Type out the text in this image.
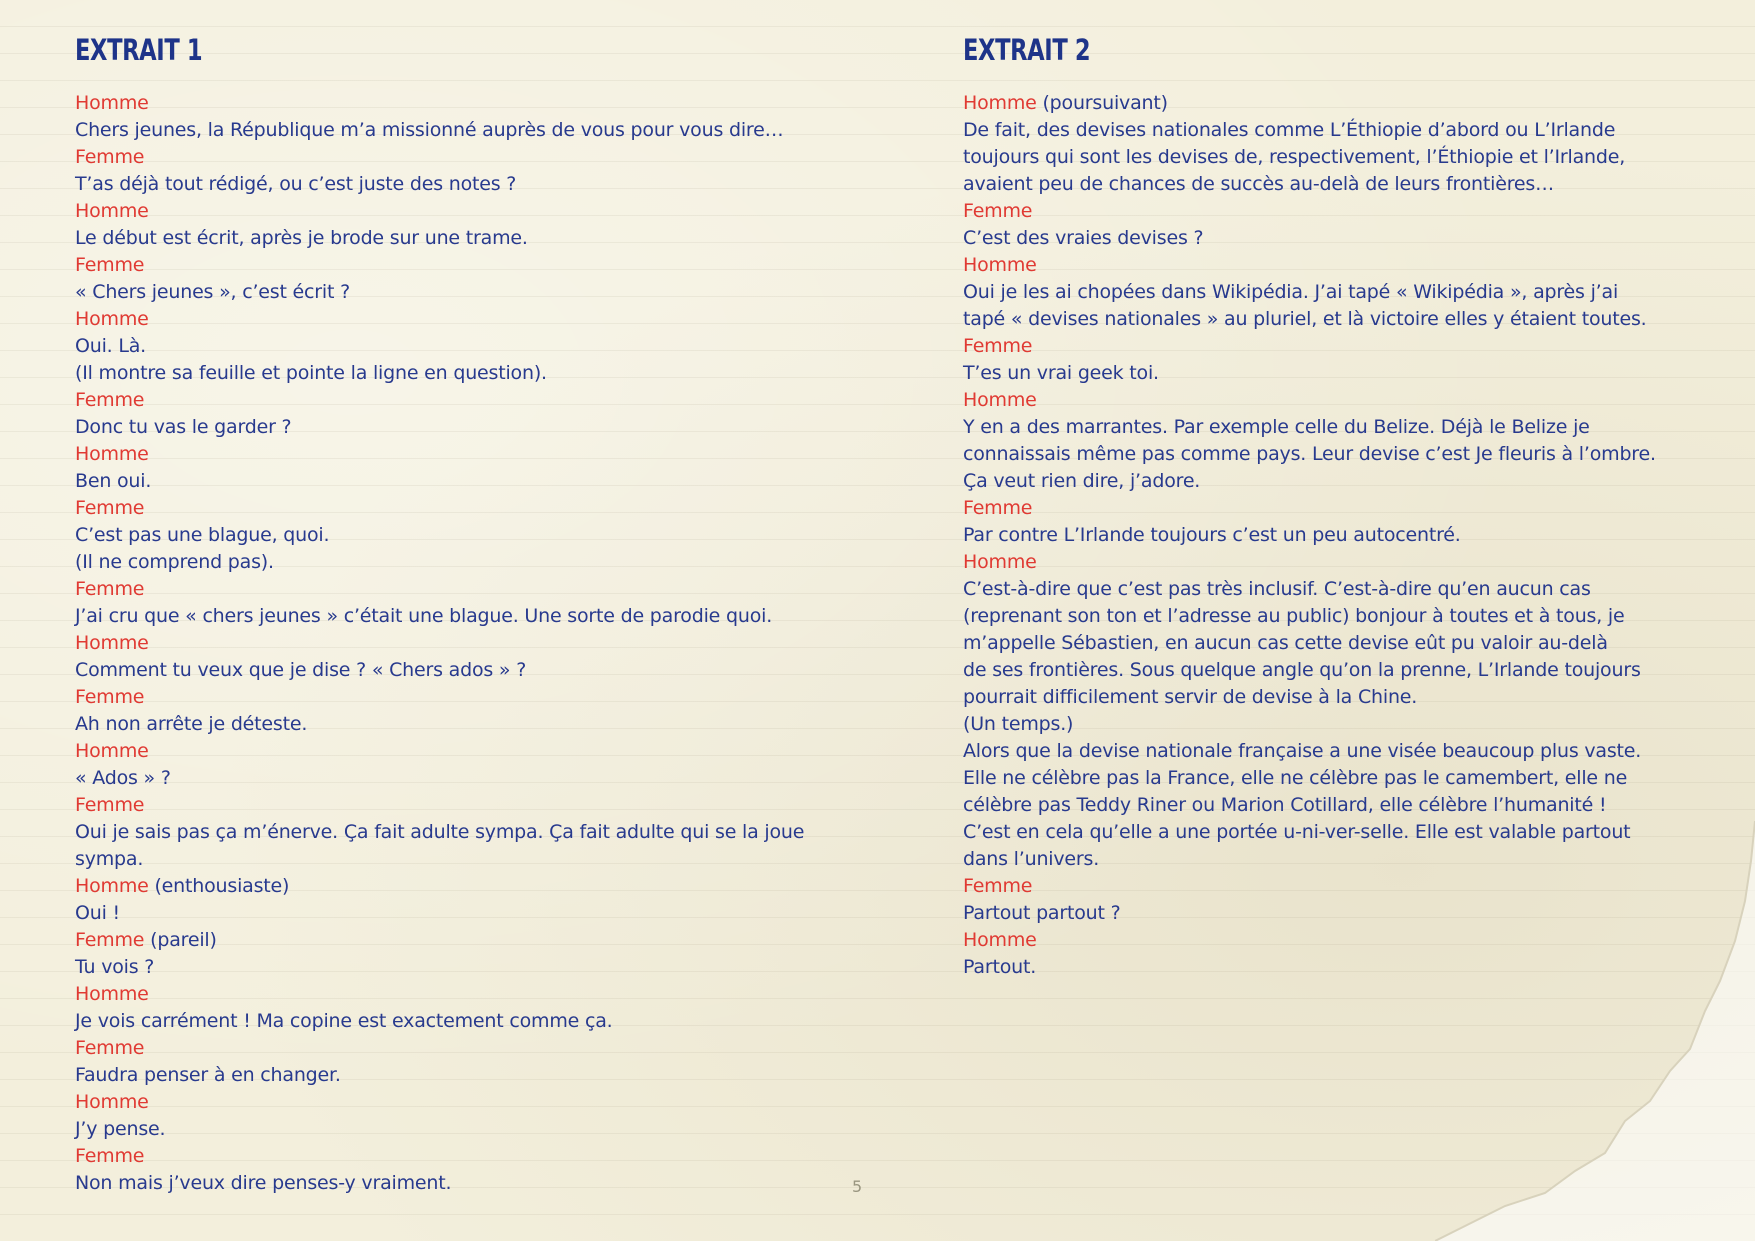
EXTRAIT 1
Homme
Chers jeunes, la République m’a missionné auprès de vous pour vous dire…
Femme
T’as déjà tout rédigé, ou c’est juste des notes ?
Homme
Le début est écrit, après je brode sur une trame.
Femme
« Chers jeunes », c’est écrit ?
Homme
Oui. Là.
(Il montre sa feuille et pointe la ligne en question).
Femme
Donc tu vas le garder ?
Homme
Ben oui.
Femme
C’est pas une blague, quoi.
(Il ne comprend pas).
Femme
J’ai cru que « chers jeunes » c’était une blague. Une sorte de parodie quoi.
Homme
Comment tu veux que je dise ? « Chers ados » ?
Femme
Ah non arrête je déteste.
Homme
« Ados » ?
Femme
Oui je sais pas ça m’énerve. Ça fait adulte sympa. Ça fait adulte qui se la joue
sympa.
Homme (enthousiaste)
Oui !
Femme (pareil)
Tu vois ?
Homme
Je vois carrément ! Ma copine est exactement comme ça.
Femme
Faudra penser à en changer.
Homme
J’y pense.
Femme
Non mais j’veux dire penses-y vraiment.
EXTRAIT 2
Homme (poursuivant)
De fait, des devises nationales comme L’Éthiopie d’abord ou L’Irlande
toujours qui sont les devises de, respectivement, l’Éthiopie et l’Irlande,
avaient peu de chances de succès au-delà de leurs frontières…
Femme
C’est des vraies devises ?
Homme
Oui je les ai chopées dans Wikipédia. J’ai tapé « Wikipédia », après j’ai
tapé « devises nationales » au pluriel, et là victoire elles y étaient toutes.
Femme
T’es un vrai geek toi.
Homme
Y en a des marrantes. Par exemple celle du Belize. Déjà le Belize je
connaissais même pas comme pays. Leur devise c’est Je fleuris à l’ombre.
Ça veut rien dire, j’adore.
Femme
Par contre L’Irlande toujours c’est un peu autocentré.
Homme
C’est-à-dire que c’est pas très inclusif. C’est-à-dire qu’en aucun cas
(reprenant son ton et l’adresse au public) bonjour à toutes et à tous, je
m’appelle Sébastien, en aucun cas cette devise eût pu valoir au-delà
de ses frontières. Sous quelque angle qu’on la prenne, L’Irlande toujours
pourrait difficilement servir de devise à la Chine.
(Un temps.)
Alors que la devise nationale française a une visée beaucoup plus vaste.
Elle ne célèbre pas la France, elle ne célèbre pas le camembert, elle ne
célèbre pas Teddy Riner ou Marion Cotillard, elle célèbre l’humanité !
C’est en cela qu’elle a une portée u-ni-ver-selle. Elle est valable partout
dans l’univers.
Femme
Partout partout ?
Homme
Partout.
5
